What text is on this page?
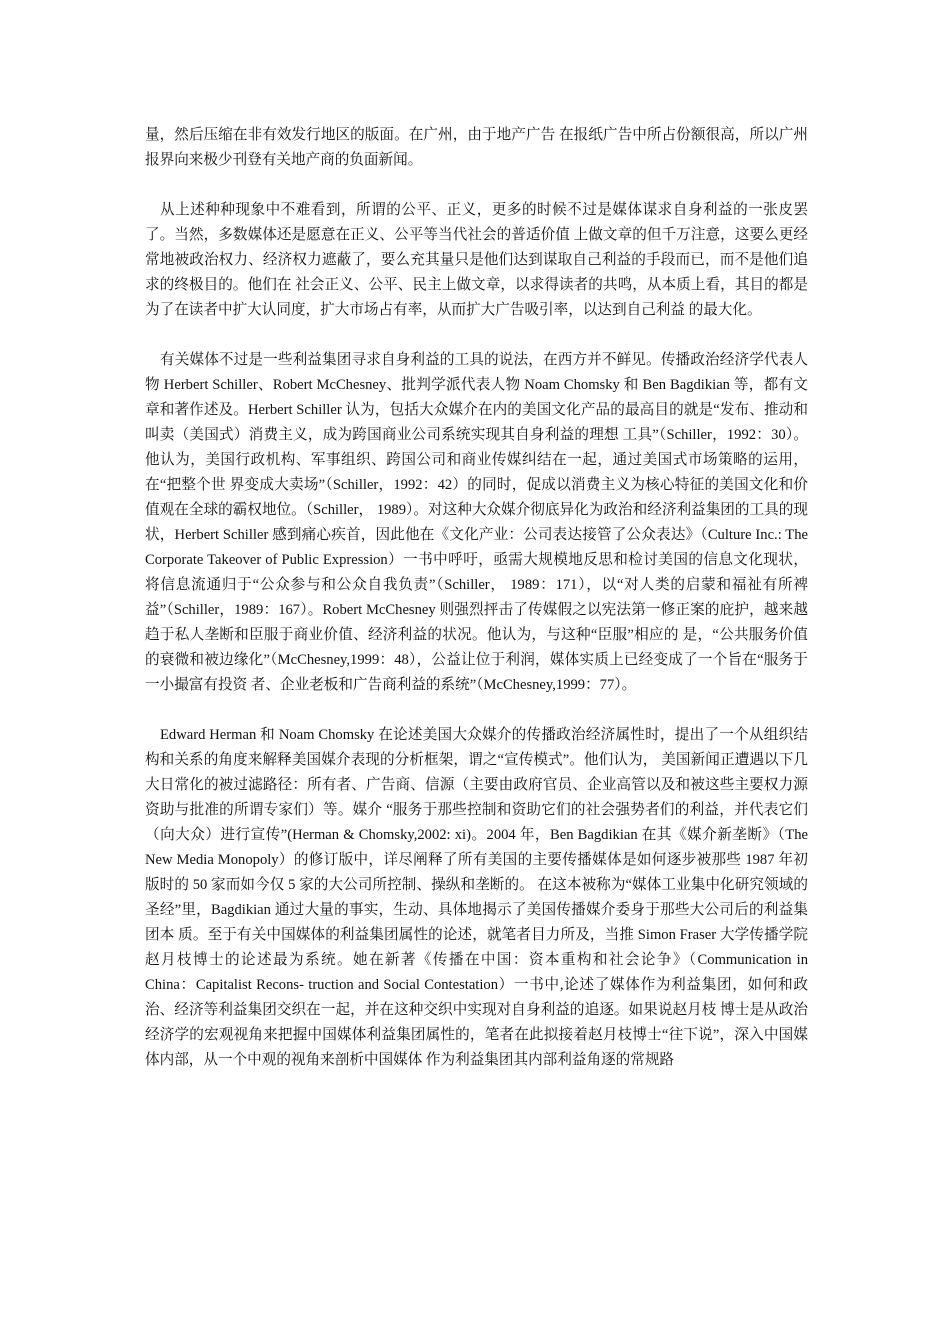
量，然后压缩在非有效发行地区的版面。在广州，由于地产广告 在报纸广告中所占份额很高，所以广州报界向来极少刊登有关地产商的负面新闻。

从上述种种现象中不难看到，所谓的公平、正义，更多的时候不过是媒体谋求自身利益的一张皮罢了。当然，多数媒体还是愿意在正义、公平等当代社会的普适价值 上做文章的但千万注意，这要么更经常地被政治权力、经济权力遮蔽了，要么充其量只是他们达到谋取自己利益的手段而已，而不是他们追求的终极目的。他们在 社会正义、公平、民主上做文章，以求得读者的共鸣，从本质上看，其目的都是为了在读者中扩大认同度，扩大市场占有率，从而扩大广告吸引率，以达到自己利益 的最大化。

有关媒体不过是一些利益集团寻求自身利益的工具的说法，在西方并不鲜见。传播政治经济学代表人物 Herbert Schiller、Robert McChesney、批判学派代表人物 Noam Chomsky 和 Ben Bagdikian 等，都有文章和著作述及。Herbert Schiller 认为，包括大众媒介在内的美国文化产品的最高目的就是“发布、推动和叫卖（美国式）消费主义，成为跨国商业公司系统实现其自身利益的理想 工具”（Schiller，1992：30）。他认为，美国行政机构、军事组织、跨国公司和商业传媒纠结在一起，通过美国式市场策略的运用，在“把整个世 界变成大卖场”（Schiller，1992：42）的同时，促成以消费主义为核心特征的美国文化和价值观在全球的霸权地位。（Schiller， 1989）。对这种大众媒介彻底异化为政治和经济利益集团的工具的现状，Herbert Schiller 感到痛心疾首，因此他在《文化产业：公司表达接管了公众表达》（Culture Inc.: The Corporate Takeover of Public Expression）一书中呼吁，亟需大规模地反思和检讨美国的信息文化现状，将信息流通归于“公众参与和公众自我负责”（Schiller， 1989：171），以“对人类的启蒙和福祉有所裨益”（Schiller，1989：167）。Robert McChesney 则强烈抨击了传媒假之以宪法第一修正案的庇护，越来越趋于私人垄断和臣服于商业价值、经济利益的状况。他认为，与这种“臣服”相应的 是，“公共服务价值的衰微和被边缘化”（McChesney,1999：48），公益让位于利润，媒体实质上已经变成了一个旨在“服务于一小撮富有投资 者、企业老板和广告商利益的系统”（McChesney,1999：77）。

Edward Herman 和 Noam Chomsky 在论述美国大众媒介的传播政治经济属性时，提出了一个从组织结构和关系的角度来解释美国媒介表现的分析框架，谓之“宣传模式”。他们认为， 美国新闻正遭遇以下几大日常化的被过滤路径：所有者、广告商、信源（主要由政府官员、企业高管以及和被这些主要权力源资助与批准的所谓专家们）等。媒介 “服务于那些控制和资助它们的社会强势者们的利益，并代表它们（向大众）进行宣传”(Herman & Chomsky,2002: xi)。2004 年，Ben Bagdikian 在其《媒介新垄断》（The New Media Monopoly）的修订版中，详尽阐释了所有美国的主要传播媒体是如何逐步被那些 1987 年初版时的 50 家而如今仅 5 家的大公司所控制、操纵和垄断的。 在这本被称为“媒体工业集中化研究领域的圣经”里，Bagdikian 通过大量的事实，生动、具体地揭示了美国传播媒介委身于那些大公司后的利益集团本 质。至于有关中国媒体的利益集团属性的论述，就笔者目力所及，当推 Simon Fraser 大学传播学院赵月枝博士的论述最为系统。她在新著《传播在中国：资本重构和社会论争》（Communication in China：Capitalist Recons- truction and Social Contestation）一书中,论述了媒体作为利益集团，如何和政治、经济等利益集团交织在一起，并在这种交织中实现对自身利益的追逐。如果说赵月枝 博士是从政治经济学的宏观视角来把握中国媒体利益集团属性的，笔者在此拟接着赵月枝博士“往下说”，深入中国媒体内部，从一个中观的视角来剖析中国媒体 作为利益集团其内部利益角逐的常规路
